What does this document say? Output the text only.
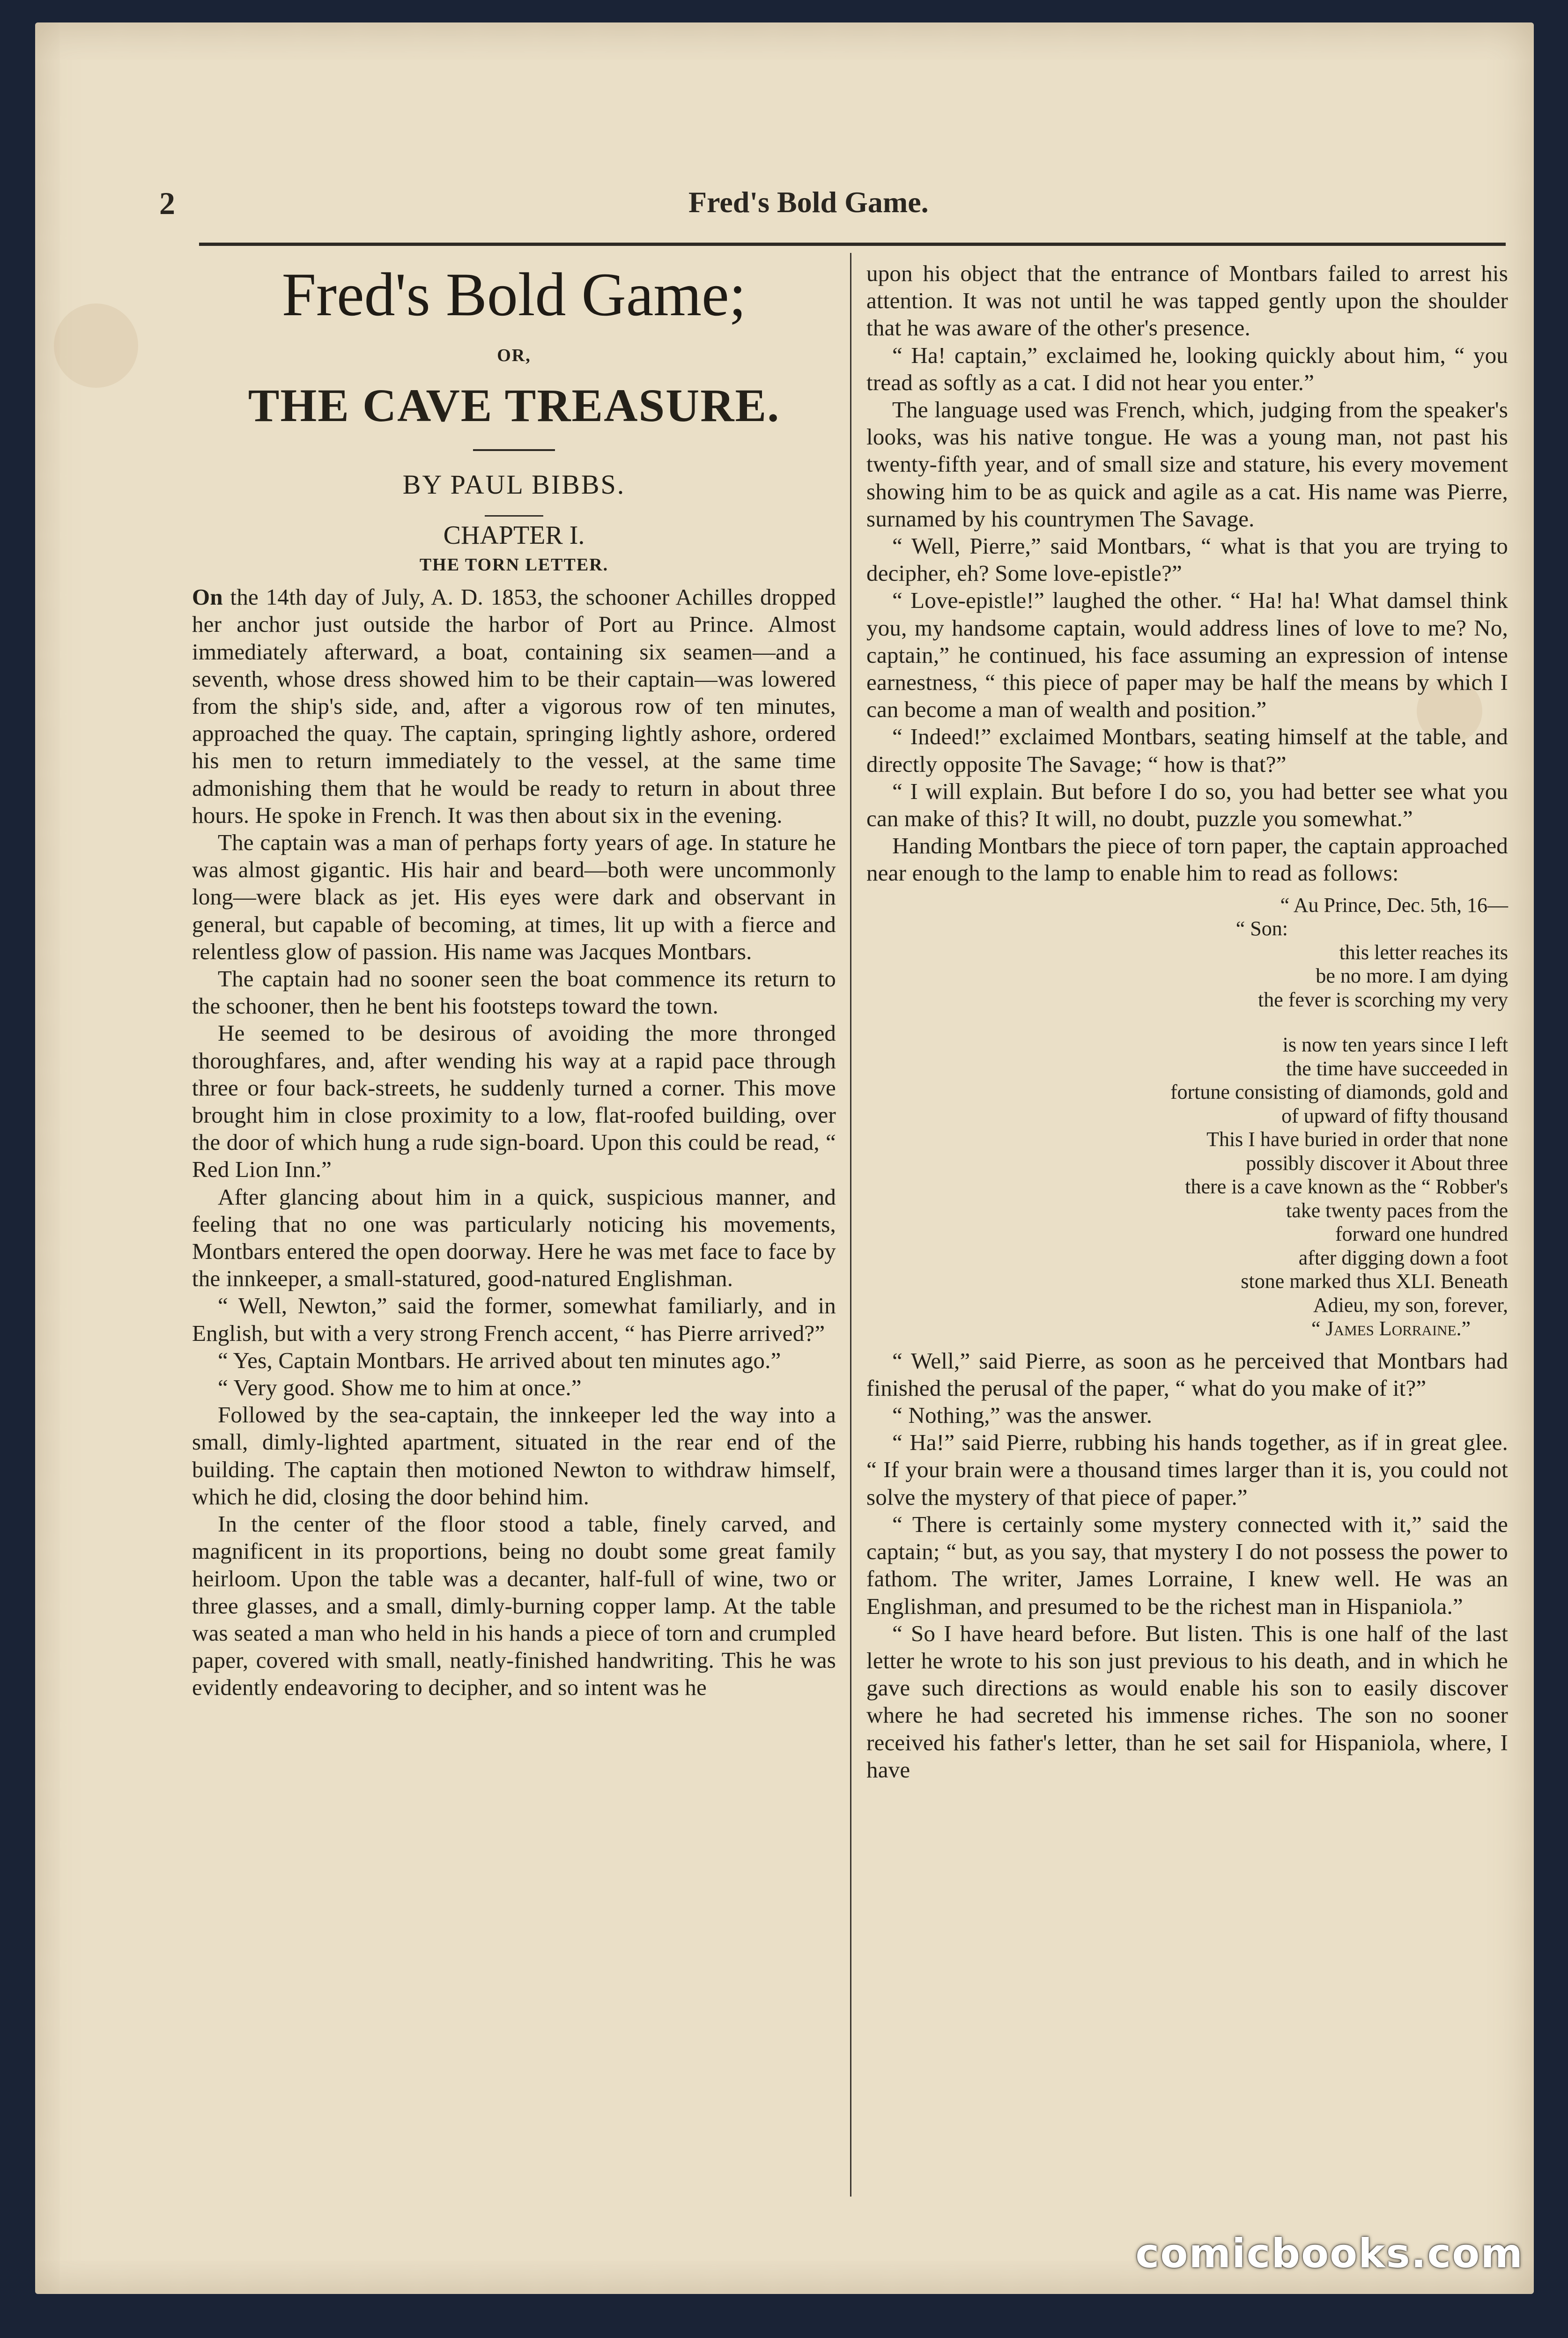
2	Fred's Bold Game.
Fred's Bold Game;
OR,
THE CAVE TREASURE.
BY PAUL BIBBS.
CHAPTER I.
THE TORN LETTER.

On the 14th day of July, A. D. 1853, the schooner Achilles dropped her anchor just outside the harbor of Port au Prince. Almost immediately afterward, a boat, containing six seamen—and a seventh, whose dress showed him to be their captain—was lowered from the ship's side, and, after a vigorous row of ten minutes, approached the quay. The captain, springing lightly ashore, ordered his men to return immediately to the vessel, at the same time admonishing them that he would be ready to return in about three hours. He spoke in French. It was then about six in the evening.

The captain was a man of perhaps forty years of age. In stature he was almost gigantic. His hair and beard—both were uncommonly long—were black as jet. His eyes were dark and observant in general, but capable of becoming, at times, lit up with a fierce and relentless glow of passion. His name was Jacques Montbars.

The captain had no sooner seen the boat commence its return to the schooner, then he bent his footsteps toward the town.

He seemed to be desirous of avoiding the more thronged thoroughfares, and, after wending his way at a rapid pace through three or four back-streets, he suddenly turned a corner. This move brought him in close proximity to a low, flat-roofed building, over the door of which hung a rude sign-board. Upon this could be read, “ Red Lion Inn.”

After glancing about him in a quick, suspicious manner, and feeling that no one was particularly noticing his movements, Montbars entered the open doorway. Here he was met face to face by the innkeeper, a small-statured, good-natured Englishman.

“ Well, Newton,” said the former, somewhat familiarly, and in English, but with a very strong French accent, “ has Pierre arrived?”

“ Yes, Captain Montbars. He arrived about ten minutes ago.”

“ Very good. Show me to him at once.”

Followed by the sea-captain, the innkeeper led the way into a small, dimly-lighted apartment, situated in the rear end of the building. The captain then motioned Newton to withdraw himself, which he did, closing the door behind him.

In the center of the floor stood a table, finely carved, and magnificent in its proportions, being no doubt some great family heirloom. Upon the table was a decanter, half-full of wine, two or three glasses, and a small, dimly-burning copper lamp. At the table was seated a man who held in his hands a piece of torn and crumpled paper, covered with small, neatly-finished handwriting. This he was evidently endeavoring to decipher, and so intent was he

upon his object that the entrance of Montbars failed to arrest his attention. It was not until he was tapped gently upon the shoulder that he was aware of the other's presence.

“ Ha! captain,” exclaimed he, looking quickly about him, “ you tread as softly as a cat. I did not hear you enter.”

The language used was French, which, judging from the speaker's looks, was his native tongue. He was a young man, not past his twenty-fifth year, and of small size and stature, his every movement showing him to be as quick and agile as a cat. His name was Pierre, surnamed by his countrymen The Savage.

“ Well, Pierre,” said Montbars, “ what is that you are trying to decipher, eh? Some love-epistle?”

“ Love-epistle!” laughed the other. “ Ha! ha! What damsel think you, my handsome captain, would address lines of love to me? No, captain,” he continued, his face assuming an expression of intense earnestness, “ this piece of paper may be half the means by which I can become a man of wealth and position.”

“ Indeed!” exclaimed Montbars, seating himself at the table, and directly opposite The Savage; “ how is that?”

“ I will explain. But before I do so, you had better see what you can make of this? It will, no doubt, puzzle you somewhat.”

Handing Montbars the piece of torn paper, the captain approached near enough to the lamp to enable him to read as follows:

“ Au Prince, Dec. 5th, 16—
“ Son:
this letter reaches its
be no more. I am dying
the fever is scorching my very
is now ten years since I left
the time have succeeded in
fortune consisting of diamonds, gold and
of upward of fifty thousand
This I have buried in order that none
possibly discover it About three
there is a cave known as the “ Robber's
take twenty paces from the
forward one hundred
after digging down a foot
stone marked thus XLI. Beneath
Adieu, my son, forever,
“ James Lorraine.”

“ Well,” said Pierre, as soon as he perceived that Montbars had finished the perusal of the paper, “ what do you make of it?”

“ Nothing,” was the answer.

“ Ha!” said Pierre, rubbing his hands together, as if in great glee. “ If your brain were a thousand times larger than it is, you could not solve the mystery of that piece of paper.”

“ There is certainly some mystery connected with it,” said the captain; “ but, as you say, that mystery I do not possess the power to fathom. The writer, James Lorraine, I knew well. He was an Englishman, and presumed to be the richest man in Hispaniola.”

“ So I have heard before. But listen. This is one half of the last letter he wrote to his son just previous to his death, and in which he gave such directions as would enable his son to easily discover where he had secreted his immense riches. The son no sooner received his father's letter, than he set sail for Hispaniola, where, I have

comicbooks.com
